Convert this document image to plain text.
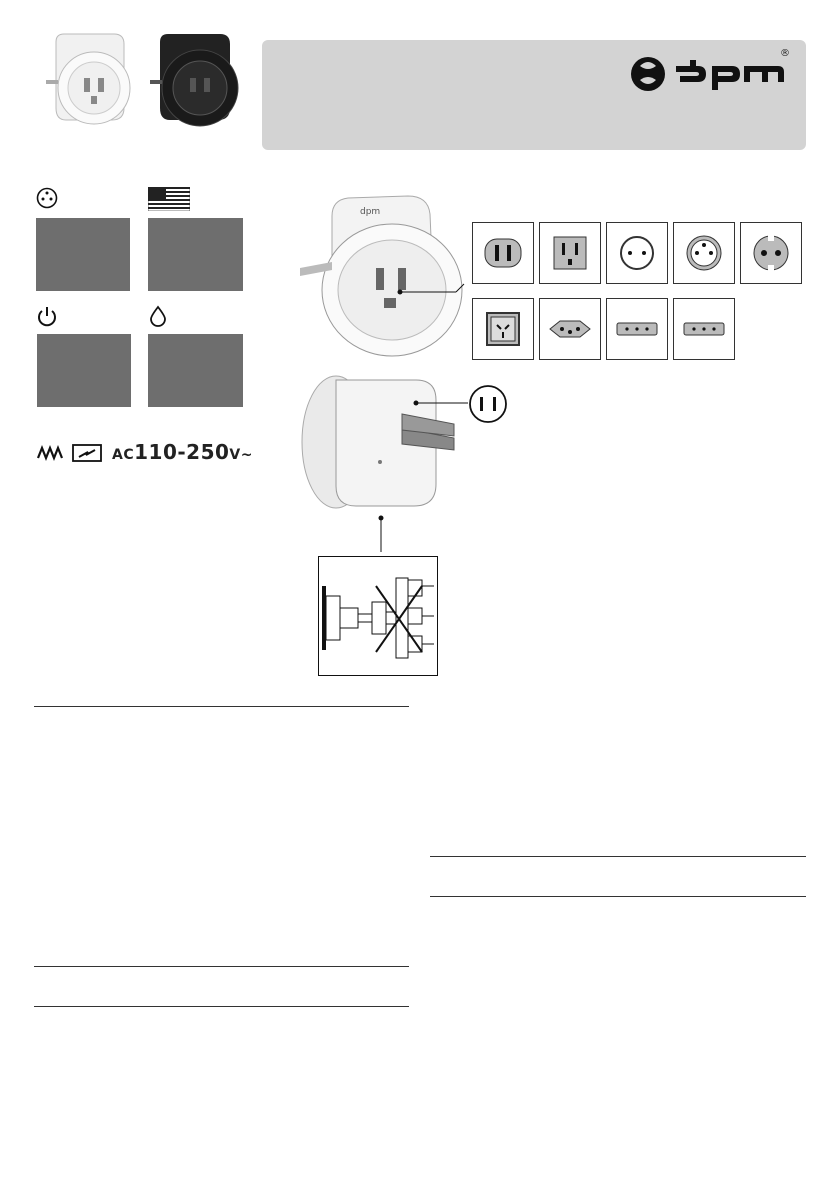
®
AC110-250V~
dpm
